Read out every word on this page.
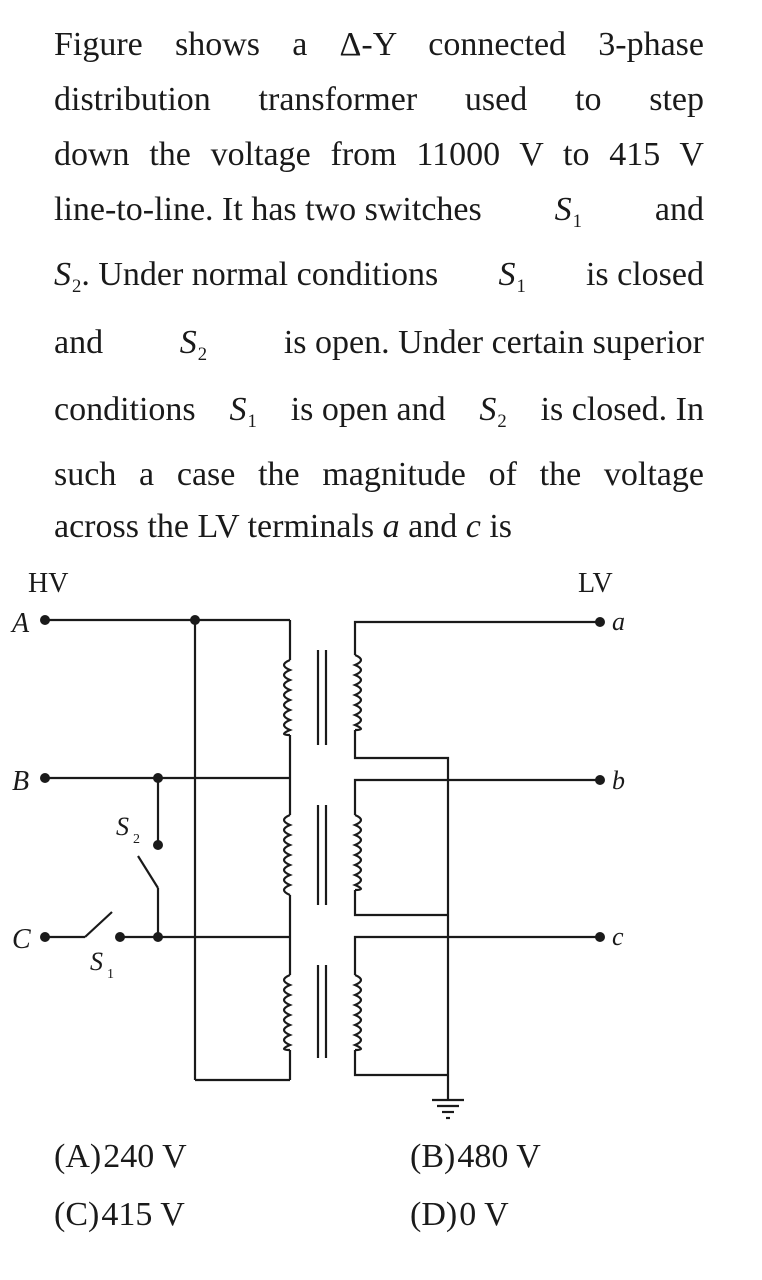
Figure shows a Δ-Y connected 3-phase
distribution transformer used to step
down the voltage from 11000 V to 415 V
line-to-line. It has two switches $S_1$ and
$S_2$. Under normal conditions $S_1$ is closed
and $S_2$ is open. Under certain superior
conditions $S_1$ is open and $S_2$ is closed. In
such a case the magnitude of the voltage
across the LV terminals a and c is
HV	LV
A
B
C
a
b
c
S 2
S 1
(A)240 V	(B)480 V
(C)415 V	(D)0 V
